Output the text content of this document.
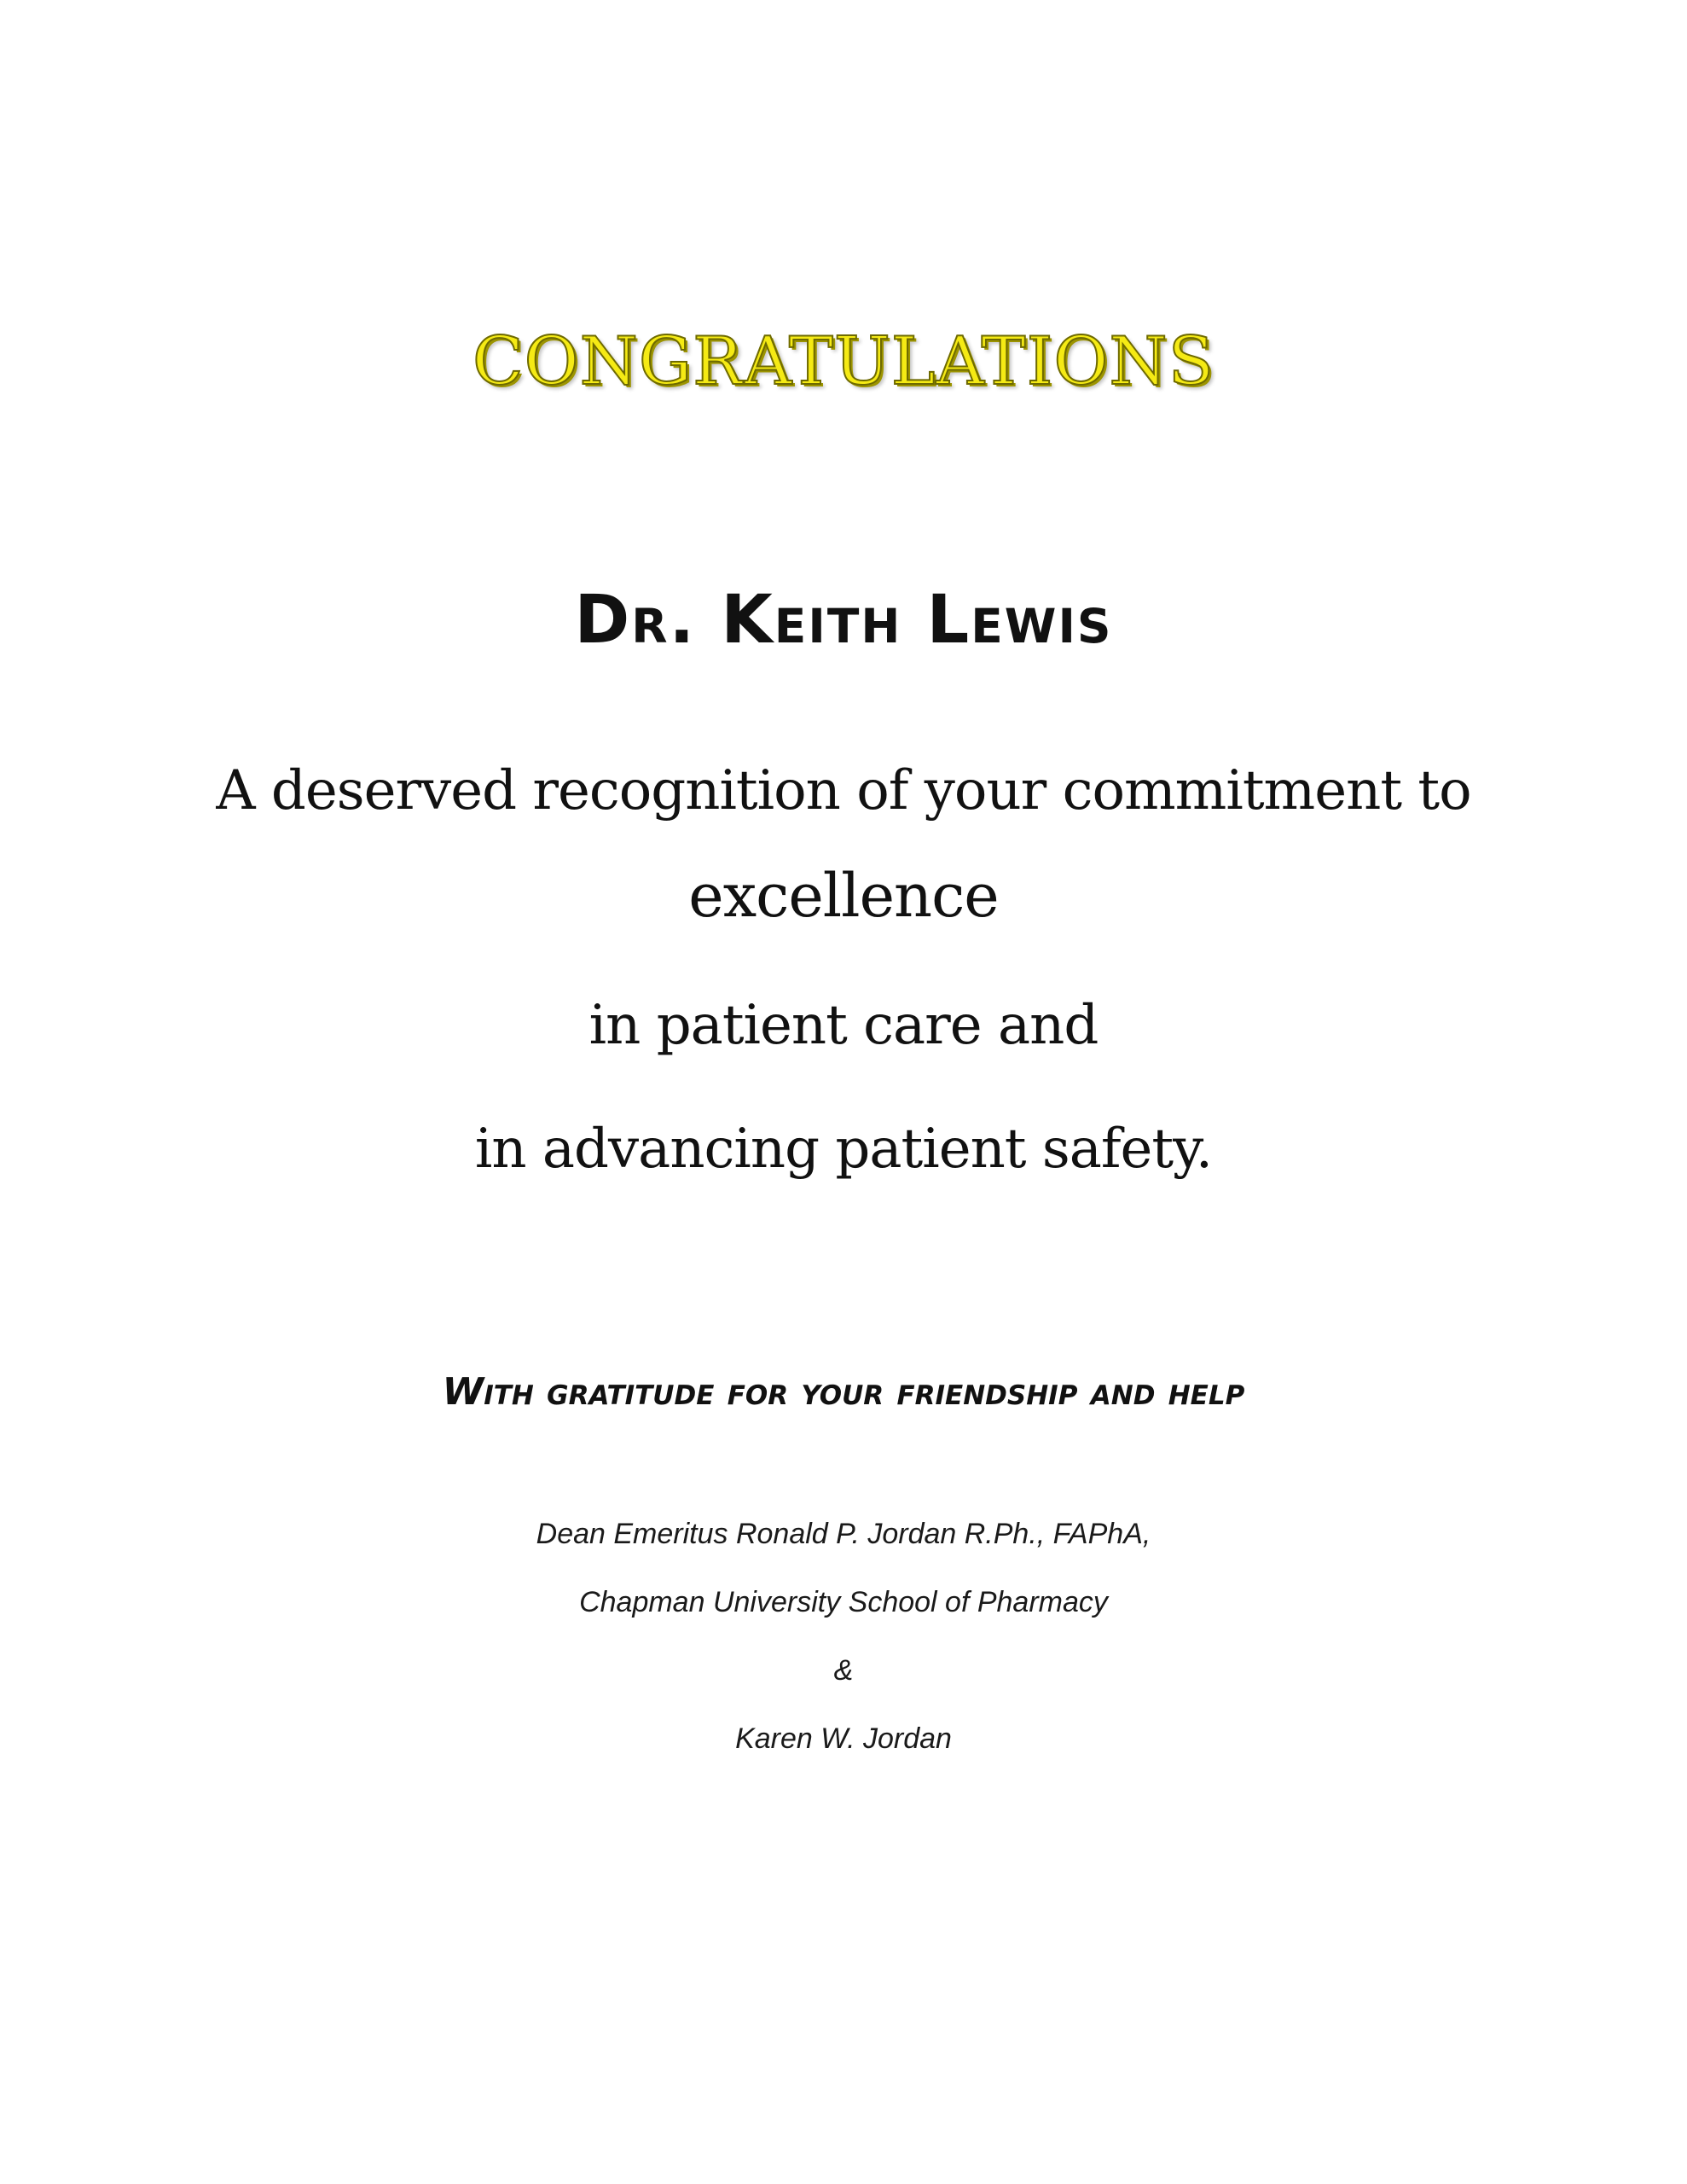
CONGRATULATIONS
Dr. Keith Lewis
A deserved recognition of your commitment to
excellence
in patient care and
in advancing patient safety.
With gratitude for your friendship and help
Dean Emeritus Ronald P. Jordan R.Ph., FAPhA,
Chapman University School of Pharmacy
&
Karen W. Jordan
